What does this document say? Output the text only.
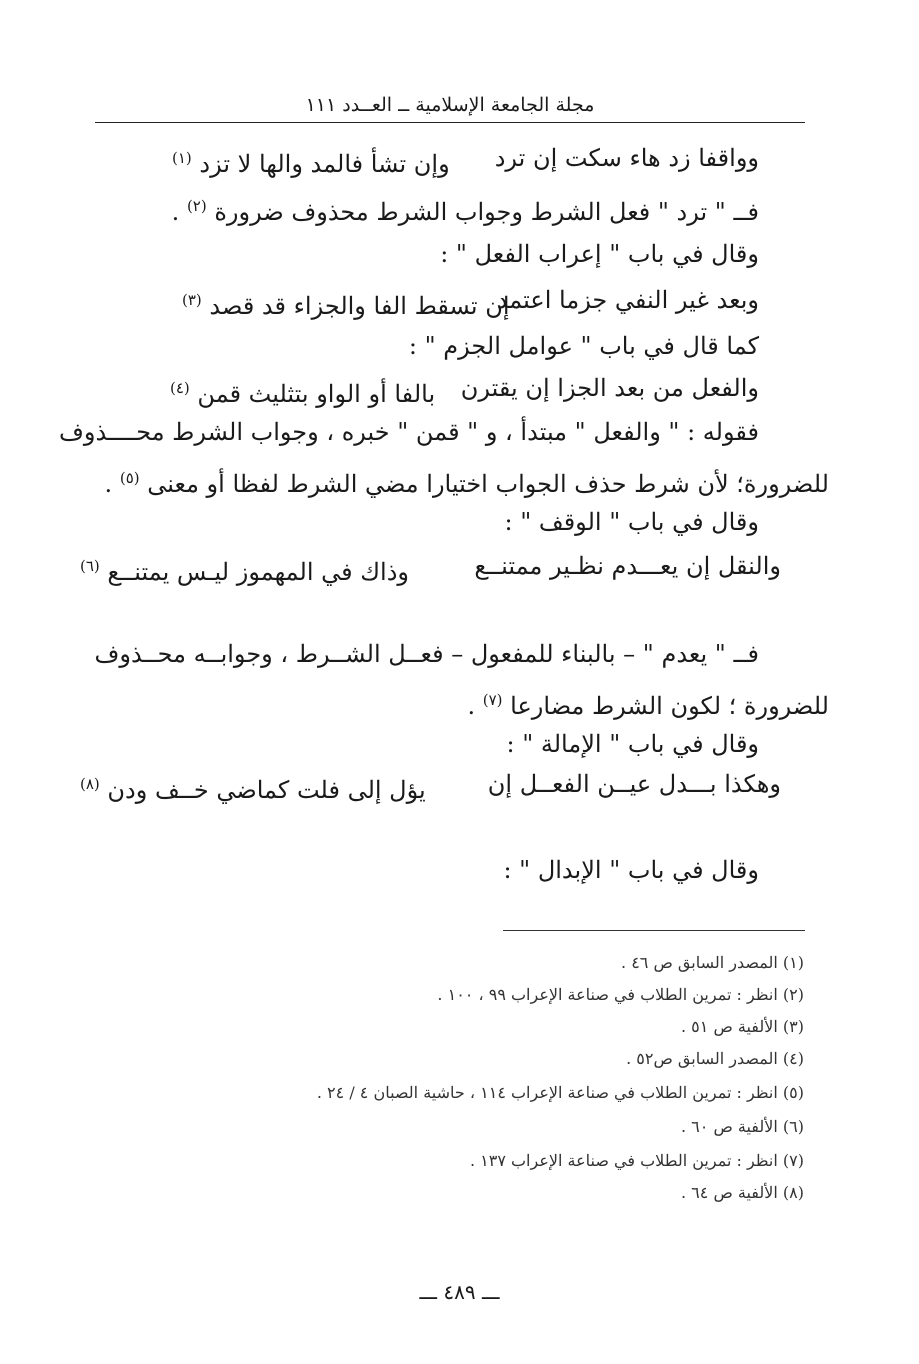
مجلة الجامعة الإسلامية ــ العــدد ١١١
وواقفا زد هاء سكت إن ترد
وإن تشأ فالمد والها لا تزد $^{(١)}$
فــ " ترد " فعل الشرط وجواب الشرط محذوف ضرورة $^{(٢)}$ .
وقال في باب " إعراب الفعل " :
وبعد غير النفي جزما اعتمد
إن تسقط الفا والجزاء قد قصد $^{(٣)}$
كما قال في باب " عوامل الجزم " :
والفعل من بعد الجزا إن يقترن
بالفا أو الواو بتثليث قمن $^{(٤)}$
فقوله : " والفعل " مبتدأ ، و " قمن " خبره ، وجواب الشرط محــــذوف
للضرورة؛ لأن شرط حذف الجواب اختيارا مضي الشرط لفظا أو معنى $^{(٥)}$ .
وقال في باب " الوقف " :
والنقل إن يعـــدم نظـير ممتنــع
وذاك في المهموز ليـس يمتنــع $^{(٦)}$
فــ " يعدم " – بالبناء للمفعول – فعــل الشــرط ، وجوابــه محــذوف
للضرورة ؛ لكون الشرط مضارعا $^{(٧)}$ .
وقال في باب " الإمالة " :
وهكذا بـــدل عيــن الفعــل إن
يؤل إلى فلت كماضي خــف ودن $^{(٨)}$
وقال في باب " الإبدال " :
(١) المصدر السابق ص ٤٦ .
(٢) انظر : تمرين الطلاب في صناعة الإعراب ٩٩ ، ١٠٠ .
(٣) الألفية ص ٥١ .
(٤) المصدر السابق ص٥٢ .
(٥) انظر : تمرين الطلاب في صناعة الإعراب ١١٤ ، حاشية الصبان ٤ / ٢٤ .
(٦) الألفية ص ٦٠ .
(٧) انظر : تمرين الطلاب في صناعة الإعراب ١٣٧ .
(٨) الألفية ص ٦٤ .
ـــ ٤٨٩ ـــ
